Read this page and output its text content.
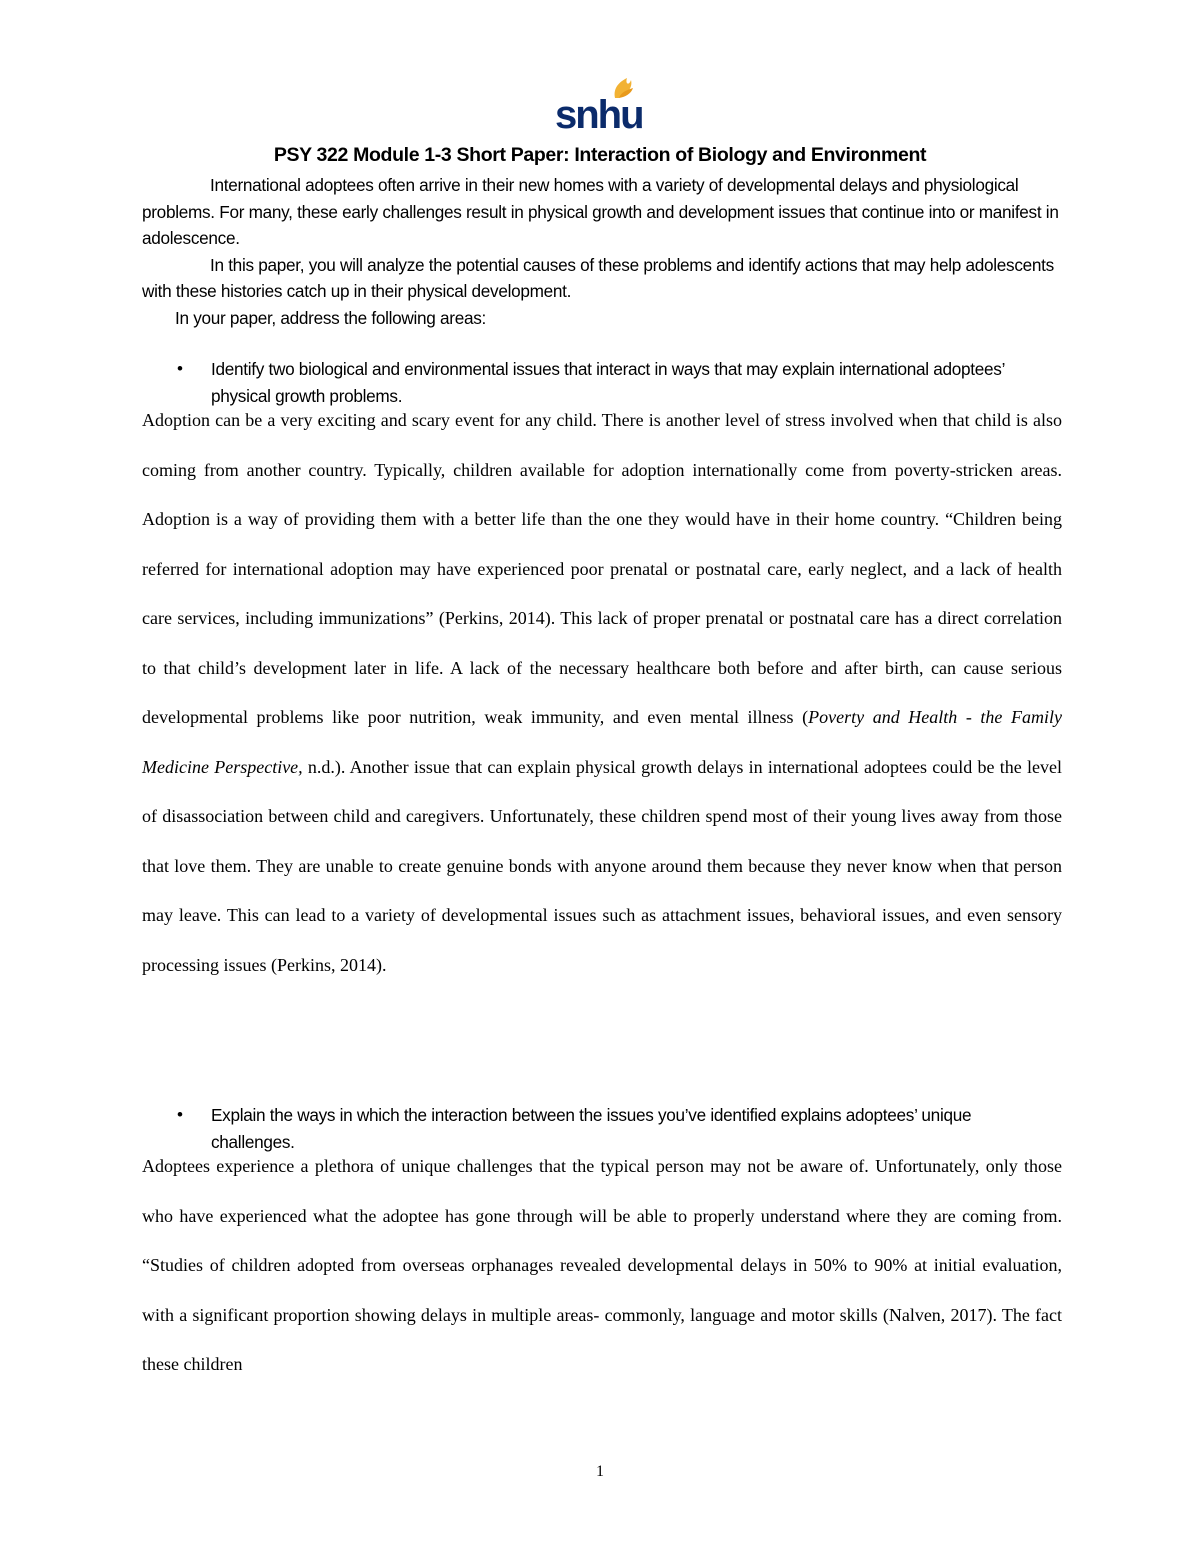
snhu
PSY 322 Module 1-3 Short Paper: Interaction of Biology and Environment

International adoptees often arrive in their new homes with a variety of developmental delays and physiological problems. For many, these early challenges result in physical growth and development issues that continue into or manifest in adolescence.

In this paper, you will analyze the potential causes of these problems and identify actions that may help adolescents with these histories catch up in their physical development.

In your paper, address the following areas:

• Identify two biological and environmental issues that interact in ways that may explain international adoptees’ physical growth problems.

Adoption can be a very exciting and scary event for any child. There is another level of stress involved when that child is also coming from another country. Typically, children available for adoption internationally come from poverty-stricken areas. Adoption is a way of providing them with a better life than the one they would have in their home country. “Children being referred for international adoption may have experienced poor prenatal or postnatal care, early neglect, and a lack of health care services, including immunizations” (Perkins, 2014). This lack of proper prenatal or postnatal care has a direct correlation to that child’s development later in life. A lack of the necessary healthcare both before and after birth, can cause serious developmental problems like poor nutrition, weak immunity, and even mental illness (Poverty and Health - the Family Medicine Perspective, n.d.). Another issue that can explain physical growth delays in international adoptees could be the level of disassociation between child and caregivers. Unfortunately, these children spend most of their young lives away from those that love them. They are unable to create genuine bonds with anyone around them because they never know when that person may leave. This can lead to a variety of developmental issues such as attachment issues, behavioral issues, and even sensory processing issues (Perkins, 2014).

• Explain the ways in which the interaction between the issues you’ve identified explains adoptees’ unique challenges.

Adoptees experience a plethora of unique challenges that the typical person may not be aware of. Unfortunately, only those who have experienced what the adoptee has gone through will be able to properly understand where they are coming from. “Studies of children adopted from overseas orphanages revealed developmental delays in 50% to 90% at initial evaluation, with a significant proportion showing delays in multiple areas- commonly, language and motor skills (Nalven, 2017). The fact these children

1
